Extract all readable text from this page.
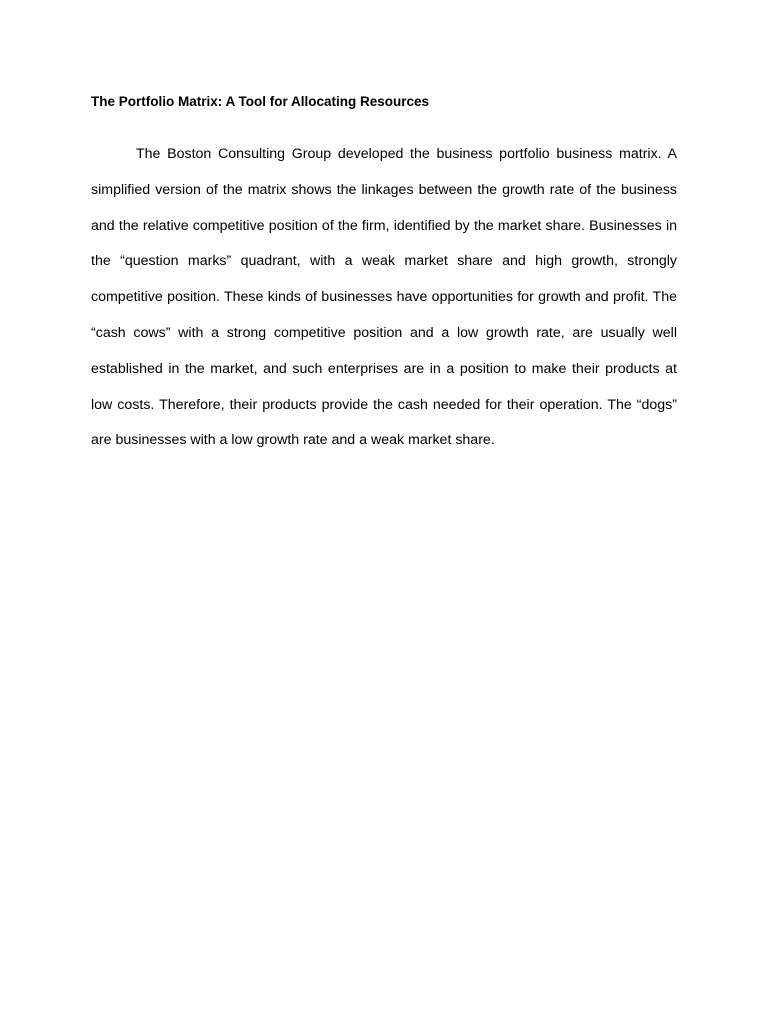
The Portfolio Matrix: A Tool for Allocating Resources

The Boston Consulting Group developed the business portfolio business matrix. A simplified version of the matrix shows the linkages between the growth rate of the business and the relative competitive position of the firm, identified by the market share. Businesses in the “question marks” quadrant, with a weak market share and high growth, strongly competitive position. These kinds of businesses have opportunities for growth and profit. The “cash cows” with a strong competitive position and a low growth rate, are usually well established in the market, and such enterprises are in a position to make their products at low costs. Therefore, their products provide the cash needed for their operation. The “dogs” are businesses with a low growth rate and a weak market share.
